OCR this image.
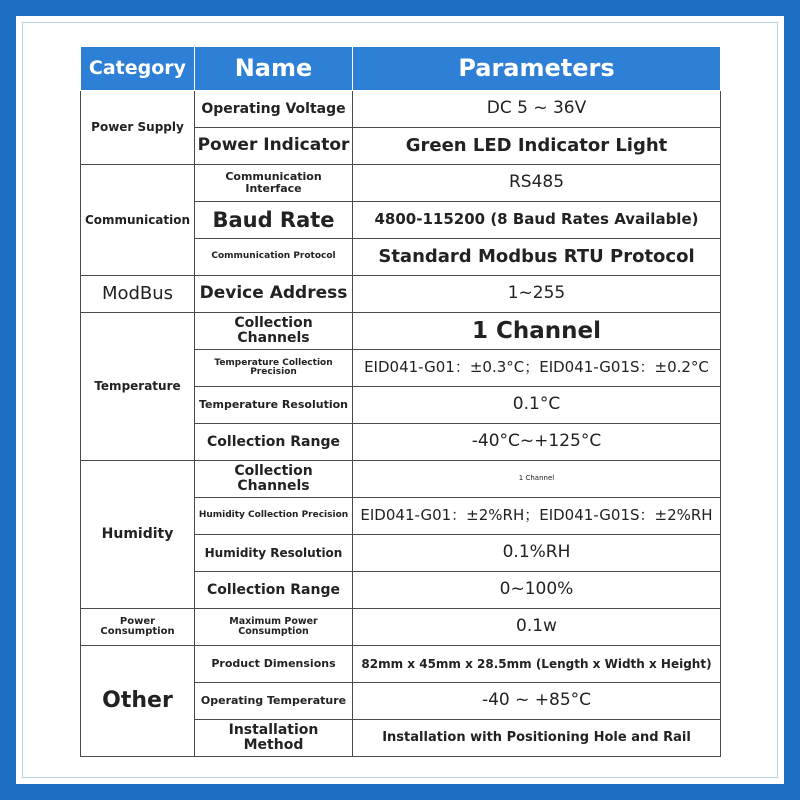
Category	Name	Parameters
Power Supply	Operating Voltage	DC 5 ~ 36V
	Power Indicator	Green LED Indicator Light
Communication	Communication Interface	RS485
	Baud Rate	4800-115200 (8 Baud Rates Available)
	Communication Protocol	Standard Modbus RTU Protocol
ModBus	Device Address	1~255
Temperature	Collection Channels	1 Channel
	Temperature Collection Precision	EID041-G01：±0.3°C；EID041-G01S：±0.2°C
	Temperature Resolution	0.1°C
	Collection Range	-40°C~+125°C
Humidity	Collection Channels	1 Channel
	Humidity Collection Precision	EID041-G01：±2%RH；EID041-G01S：±2%RH
	Humidity Resolution	0.1%RH
	Collection Range	0~100%
Power Consumption	Maximum Power Consumption	0.1w
Other	Product Dimensions	82mm x 45mm x 28.5mm (Length x Width x Height)
	Operating Temperature	-40 ~ +85°C
	Installation Method	Installation with Positioning Hole and Rail
